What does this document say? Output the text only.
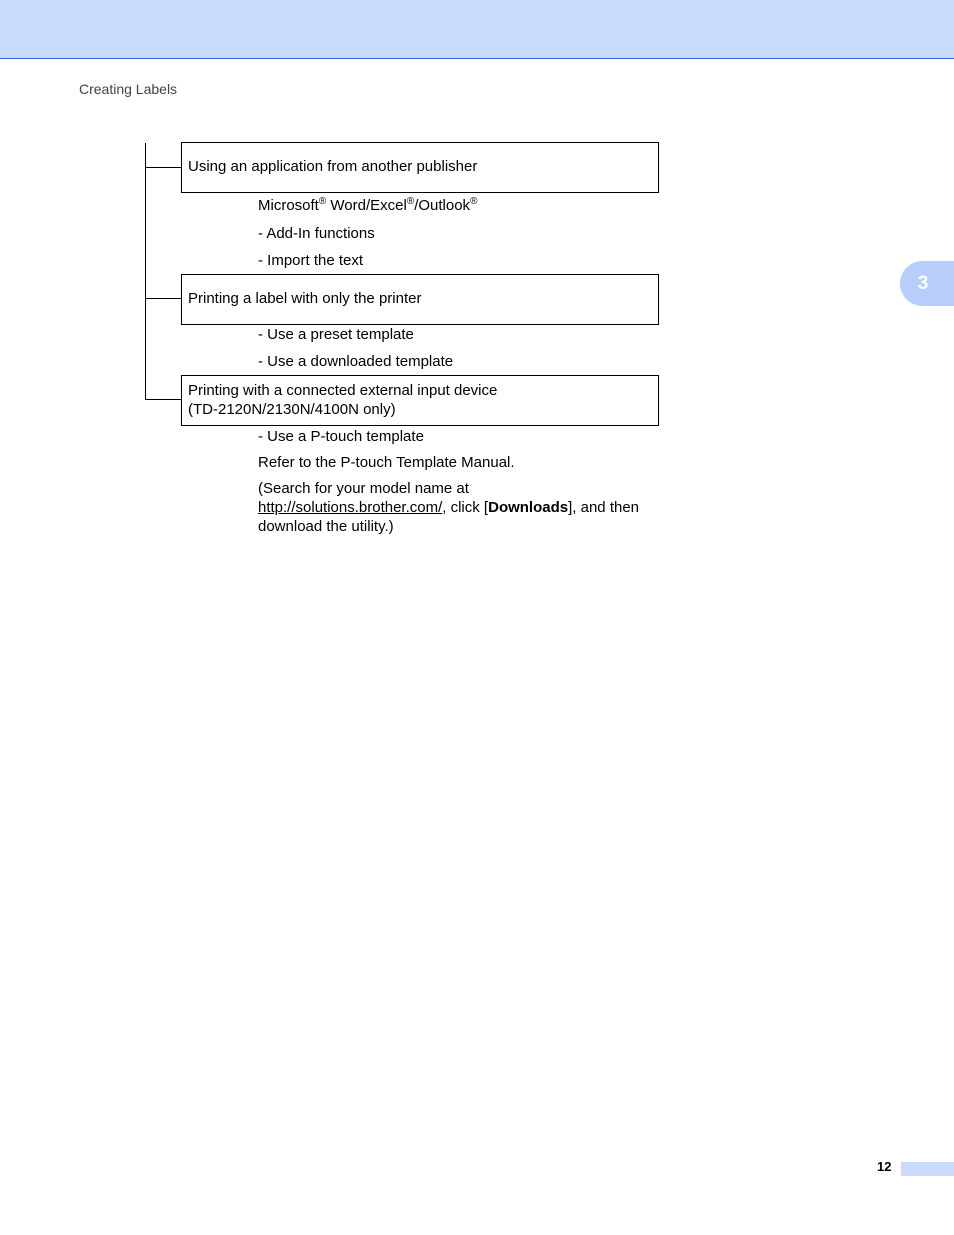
Creating Labels
3
Using an application from another publisher
Microsoft® Word/Excel®/Outlook®
- Add-In functions
- Import the text
Printing a label with only the printer
- Use a preset template
- Use a downloaded template
Printing with a connected external input device
(TD-2120N/2130N/4100N only)
- Use a P-touch template
Refer to the P-touch Template Manual.
(Search for your model name at
http://solutions.brother.com/, click [Downloads], and then
download the utility.)
12
